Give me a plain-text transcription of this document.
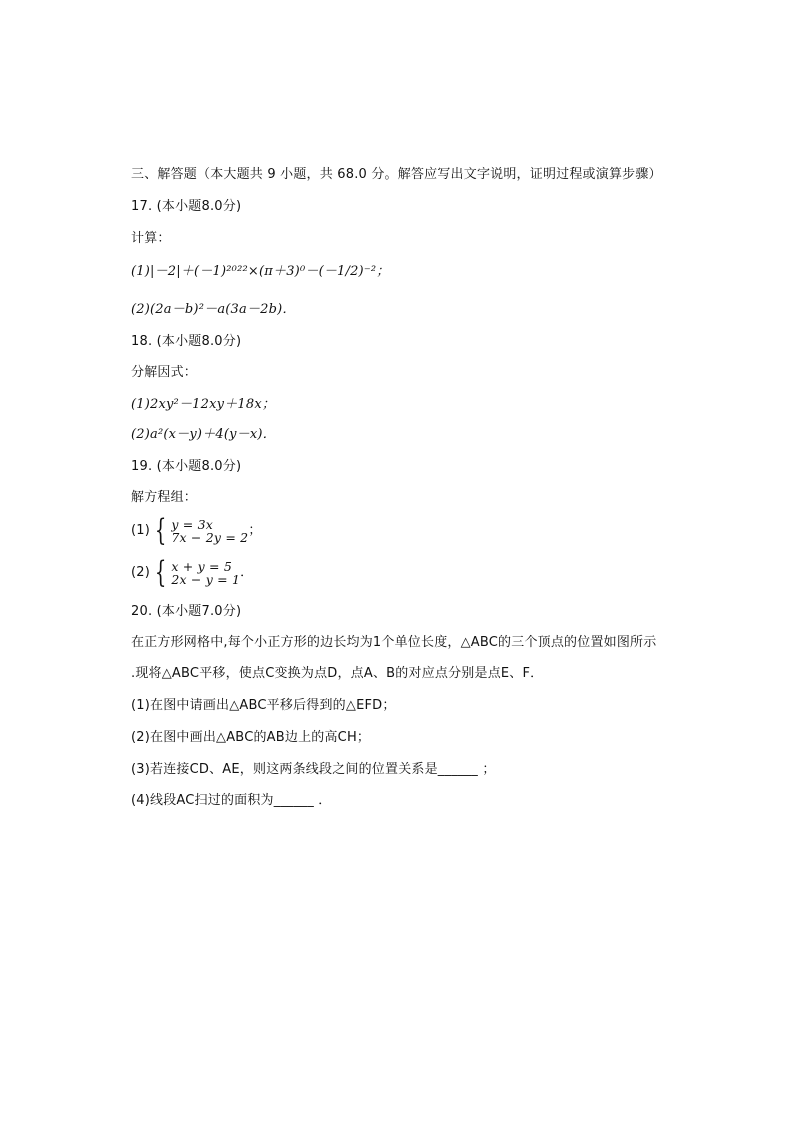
三、解答题（本大题共 9 小题，共 68.0 分。解答应写出文字说明，证明过程或演算步骤）
17. (本小题8.0分)
计算：
(1)|－2|＋(－1)²⁰²²×(π＋3)⁰－(－1/2)⁻²；
(2)(2a－b)²－a(3a－2b)．
18. (本小题8.0分)
分解因式：
(1)2xy²－12xy＋18x；
(2)a²(x－y)＋4(y－x)．
19. (本小题8.0分)
解方程组：
(1) { y = 3x
7x − 2y = 2 ；
(2) { x + y = 5
2x − y = 1 ．
20. (本小题7.0分)
在正方形网格中,每个小正方形的边长均为1个单位长度，△ABC的三个顶点的位置如图所示
.现将△ABC平移，使点C变换为点D，点A、B的对应点分别是点E、F．
(1)在图中请画出△ABC平移后得到的△EFD；
(2)在图中画出△ABC的AB边上的高CH；
(3)若连接CD、AE，则这两条线段之间的位置关系是______ ；
(4)线段AC扫过的面积为______ ．
